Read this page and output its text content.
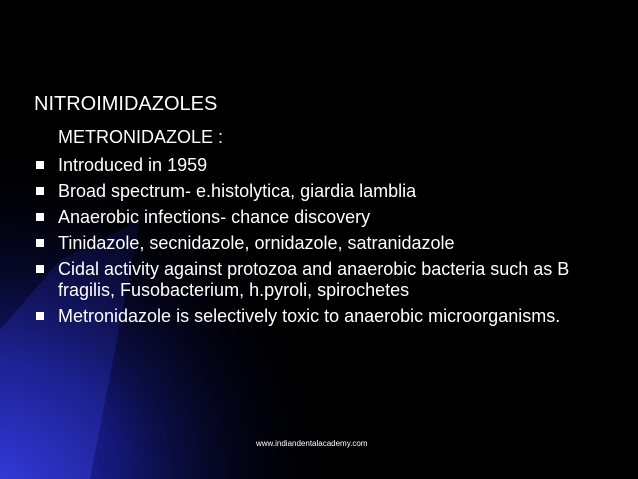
NITROIMIDAZOLES
METRONIDAZOLE :
Introduced in 1959
Broad spectrum- e.histolytica, giardia lamblia
Anaerobic infections- chance discovery
Tinidazole, secnidazole, ornidazole, satranidazole
Cidal activity against protozoa and anaerobic bacteria such as B fragilis, Fusobacterium, h.pyroli, spirochetes
Metronidazole is selectively toxic to anaerobic microorganisms.
www.indiandentalacademy.com
